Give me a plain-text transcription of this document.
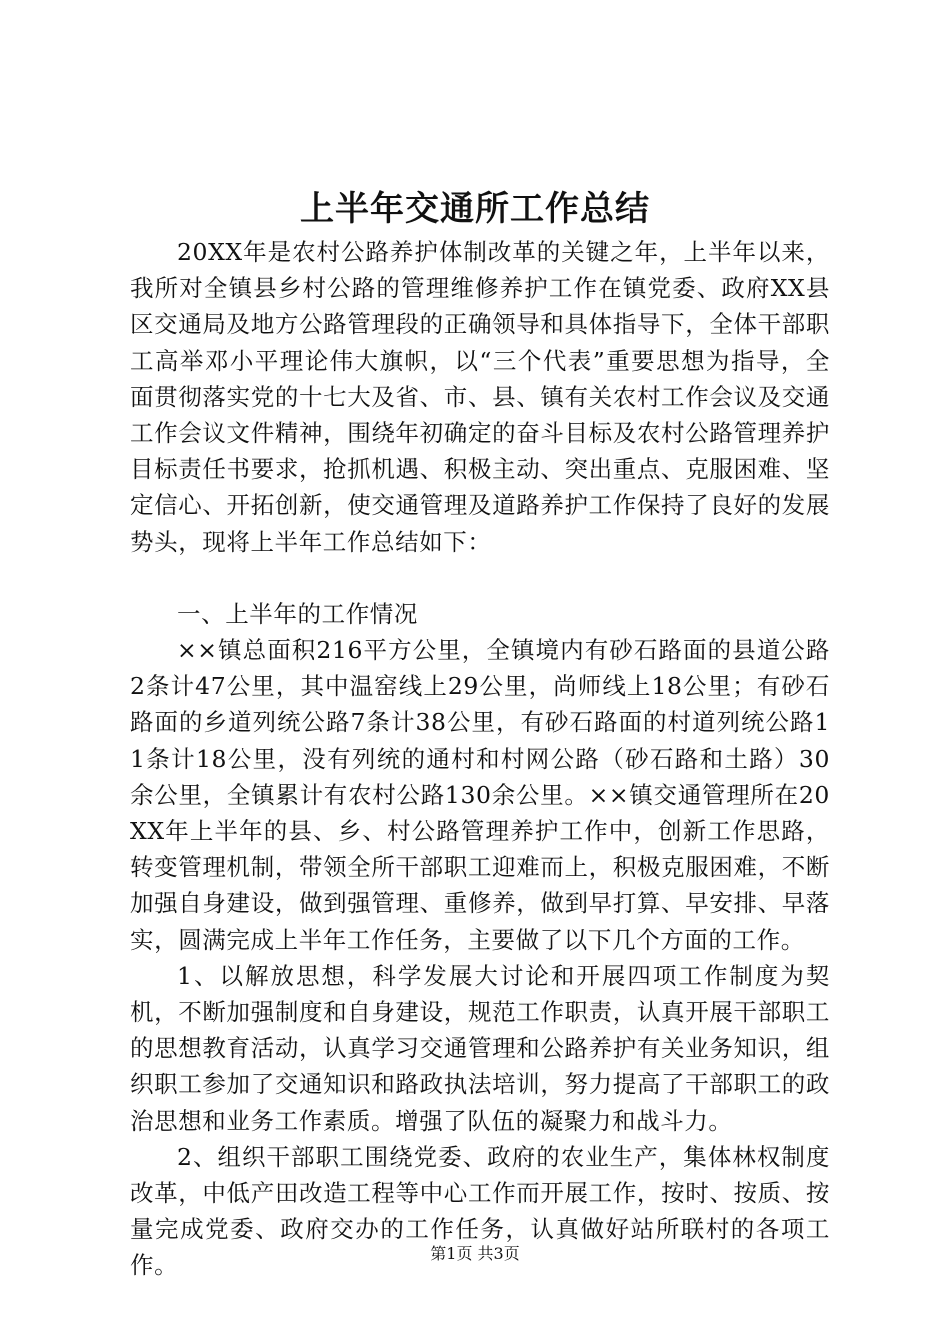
上半年交通所工作总结

20XX年是农村公路养护体制改革的关键之年，上半年以来，我所对全镇县乡村公路的管理维修养护工作在镇党委、政府XX县区交通局及地方公路管理段的正确领导和具体指导下，全体干部职工高举邓小平理论伟大旗帜，以“三个代表”重要思想为指导，全面贯彻落实党的十七大及省、市、县、镇有关农村工作会议及交通工作会议文件精神，围绕年初确定的奋斗目标及农村公路管理养护目标责任书要求，抢抓机遇、积极主动、突出重点、克服困难、坚定信心、开拓创新，使交通管理及道路养护工作保持了良好的发展势头，现将上半年工作总结如下：

一、上半年的工作情况

××镇总面积216平方公里，全镇境内有砂石路面的县道公路2条计47公里，其中温窑线上29公里，尚师线上18公里；有砂石路面的乡道列统公路7条计38公里，有砂石路面的村道列统公路11条计18公里，没有列统的通村和村网公路（砂石路和土路）30余公里，全镇累计有农村公路130余公里。××镇交通管理所在20XX年上半年的县、乡、村公路管理养护工作中，创新工作思路，转变管理机制，带领全所干部职工迎难而上，积极克服困难，不断加强自身建设，做到强管理、重修养，做到早打算、早安排、早落实，圆满完成上半年工作任务，主要做了以下几个方面的工作。

1、以解放思想，科学发展大讨论和开展四项工作制度为契机，不断加强制度和自身建设，规范工作职责，认真开展干部职工的思想教育活动，认真学习交通管理和公路养护有关业务知识，组织职工参加了交通知识和路政执法培训，努力提高了干部职工的政治思想和业务工作素质。增强了队伍的凝聚力和战斗力。

2、组织干部职工围绕党委、政府的农业生产，集体林权制度改革，中低产田改造工程等中心工作而开展工作，按时、按质、按量完成党委、政府交办的工作任务，认真做好站所联村的各项工作。	第1页 共3页
